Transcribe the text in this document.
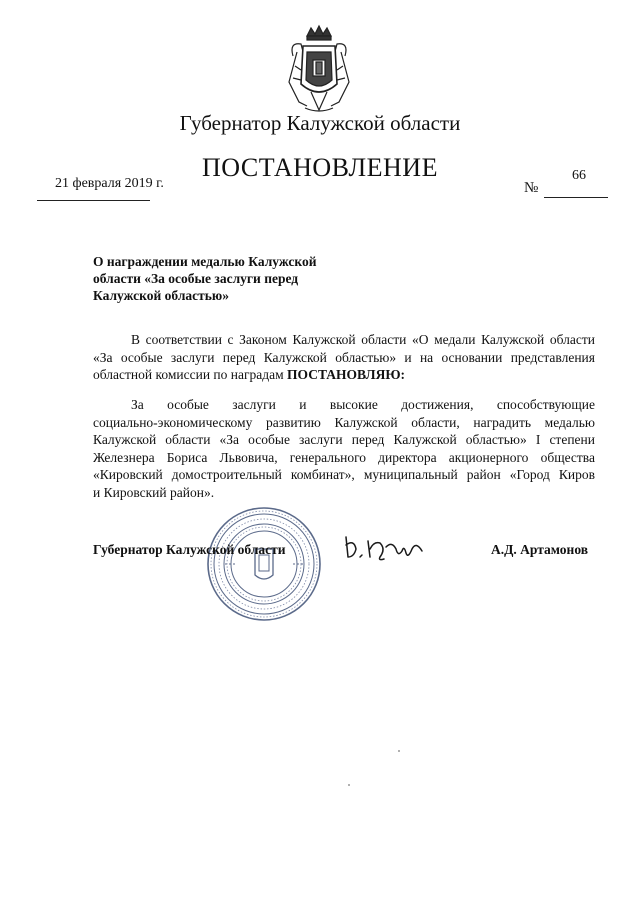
Губернатор Калужской области
ПОСТАНОВЛЕНИЕ
21 февраля 2019 г.
66
№
О награждении медалью Калужской
области «За особые заслуги перед
Калужской областью»
В соответствии с Законом Калужской области «О медали Калужской области
«За особые заслуги перед Калужской областью» и на основании представления
областной комиссии по наградам ПОСТАНОВЛЯЮ:
За особые заслуги и высокие достижения, способствующие
социально-экономическому развитию Калужской области, наградить медалью
Калужской области «За особые заслуги перед Калужской областью» I степени
Железнера Бориса Львовича, генерального директора акционерного общества
«Кировский домостроительный комбинат», муниципальный район «Город Киров
и Кировский район».
Губернатор Калужской области	А.Д. Артамонов
